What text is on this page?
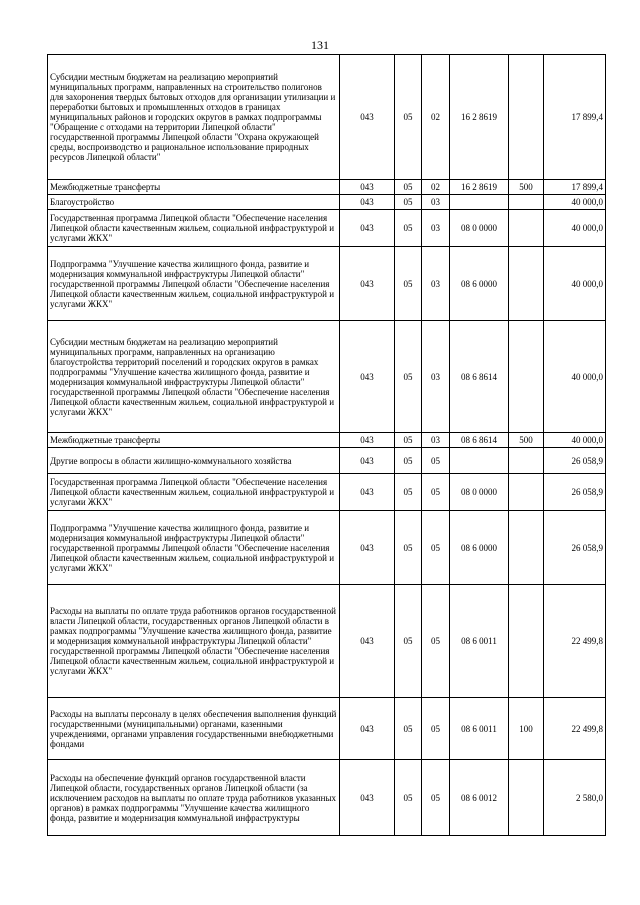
131
Субсидии местным бюджетам на реализацию мероприятий муниципальных программ, направленных на строительство полигонов для захоронения твердых бытовых отходов для организации утилизации и переработки бытовых и промышленных отходов в границах муниципальных районов и городских округов в рамках подпрограммы "Обращение с отходами на территории Липецкой области" государственной программы Липецкой области "Охрана окружающей среды, воспроизводство и рациональное использование природных ресурсов Липецкой области"	043	05	02	16 2 8619		17 899,4
Межбюджетные трансферты	043	05	02	16 2 8619	500	17 899,4
Благоустройство	043	05	03			40 000,0
Государственная программа Липецкой области "Обеспечение населения Липецкой области качественным жильем, социальной инфраструктурой и услугами ЖКХ"	043	05	03	08 0 0000		40 000,0
Подпрограмма "Улучшение качества жилищного фонда, развитие и модернизация коммунальной инфраструктуры Липецкой области" государственной программы Липецкой области "Обеспечение населения Липецкой области качественным жильем, социальной инфраструктурой и услугами ЖКХ"	043	05	03	08 6 0000		40 000,0
Субсидии местным бюджетам на реализацию мероприятий муниципальных программ, направленных на организацию благоустройства территорий поселений и городских округов в рамках подпрограммы "Улучшение качества жилищного фонда, развитие и модернизация коммунальной инфраструктуры Липецкой области" государственной программы Липецкой области "Обеспечение населения Липецкой области качественным жильем, социальной инфраструктурой и услугами ЖКХ"	043	05	03	08 6 8614		40 000,0
Межбюджетные трансферты	043	05	03	08 6 8614	500	40 000,0
Другие вопросы в области жилищно-коммунального хозяйства	043	05	05			26 058,9
Государственная программа Липецкой области "Обеспечение населения Липецкой области качественным жильем, социальной инфраструктурой и услугами ЖКХ"	043	05	05	08 0 0000		26 058,9
Подпрограмма "Улучшение качества жилищного фонда, развитие и модернизация коммунальной инфраструктуры Липецкой области" государственной программы Липецкой области "Обеспечение населения Липецкой области качественным жильем, социальной инфраструктурой и услугами ЖКХ"	043	05	05	08 6 0000		26 058,9
Расходы на выплаты по оплате труда работников органов государственной власти Липецкой области, государственных органов Липецкой области в рамках подпрограммы "Улучшение качества жилищного фонда, развитие и модернизация коммунальной инфраструктуры Липецкой области" государственной программы Липецкой области "Обеспечение населения Липецкой области качественным жильем, социальной инфраструктурой и услугами ЖКХ"	043	05	05	08 6 0011		22 499,8
Расходы на выплаты персоналу в целях обеспечения выполнения функций государственными (муниципальными) органами, казенными учреждениями, органами управления государственными внебюджетными фондами	043	05	05	08 6 0011	100	22 499,8
Расходы на обеспечение функций органов государственной власти Липецкой области, государственных органов Липецкой области (за исключением расходов на выплаты по оплате труда работников указанных органов) в рамках подпрограммы "Улучшение качества жилищного фонда, развитие и модернизация коммунальной инфраструктуры	043	05	05	08 6 0012		2 580,0
